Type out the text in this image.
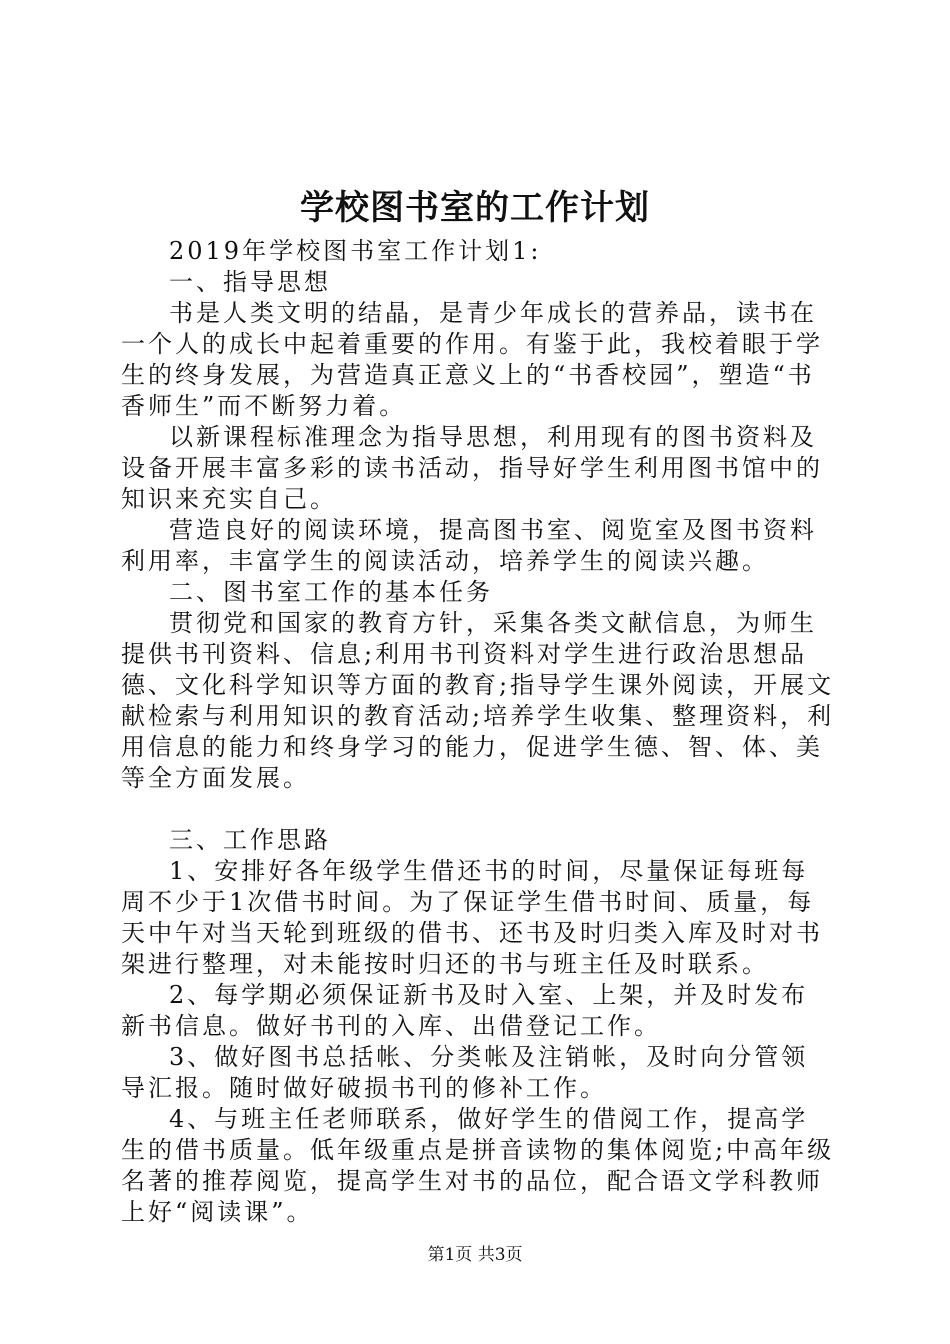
学校图书室的工作计划

2019年学校图书室工作计划1:

一、指导思想

书是人类文明的结晶，是青少年成长的营养品，读书在一个人的成长中起着重要的作用。有鉴于此，我校着眼于学生的终身发展，为营造真正意义上的“书香校园”，塑造“书香师生”而不断努力着。

以新课程标准理念为指导思想，利用现有的图书资料及设备开展丰富多彩的读书活动，指导好学生利用图书馆中的知识来充实自己。

营造良好的阅读环境，提高图书室、阅览室及图书资料利用率，丰富学生的阅读活动，培养学生的阅读兴趣。

二、图书室工作的基本任务

贯彻党和国家的教育方针，采集各类文献信息，为师生提供书刊资料、信息;利用书刊资料对学生进行政治思想品德、文化科学知识等方面的教育;指导学生课外阅读，开展文献检索与利用知识的教育活动;培养学生收集、整理资料，利用信息的能力和终身学习的能力，促进学生德、智、体、美等全方面发展。

三、工作思路

1、安排好各年级学生借还书的时间，尽量保证每班每周不少于1次借书时间。为了保证学生借书时间、质量，每天中午对当天轮到班级的借书、还书及时归类入库及时对书架进行整理，对未能按时归还的书与班主任及时联系。

2、每学期必须保证新书及时入室、上架，并及时发布新书信息。做好书刊的入库、出借登记工作。

3、做好图书总括帐、分类帐及注销帐，及时向分管领导汇报。随时做好破损书刊的修补工作。

4、与班主任老师联系，做好学生的借阅工作，提高学生的借书质量。低年级重点是拼音读物的集体阅览;中高年级名著的推荐阅览，提高学生对书的品位，配合语文学科教师上好“阅读课”。

第1页 共3页
